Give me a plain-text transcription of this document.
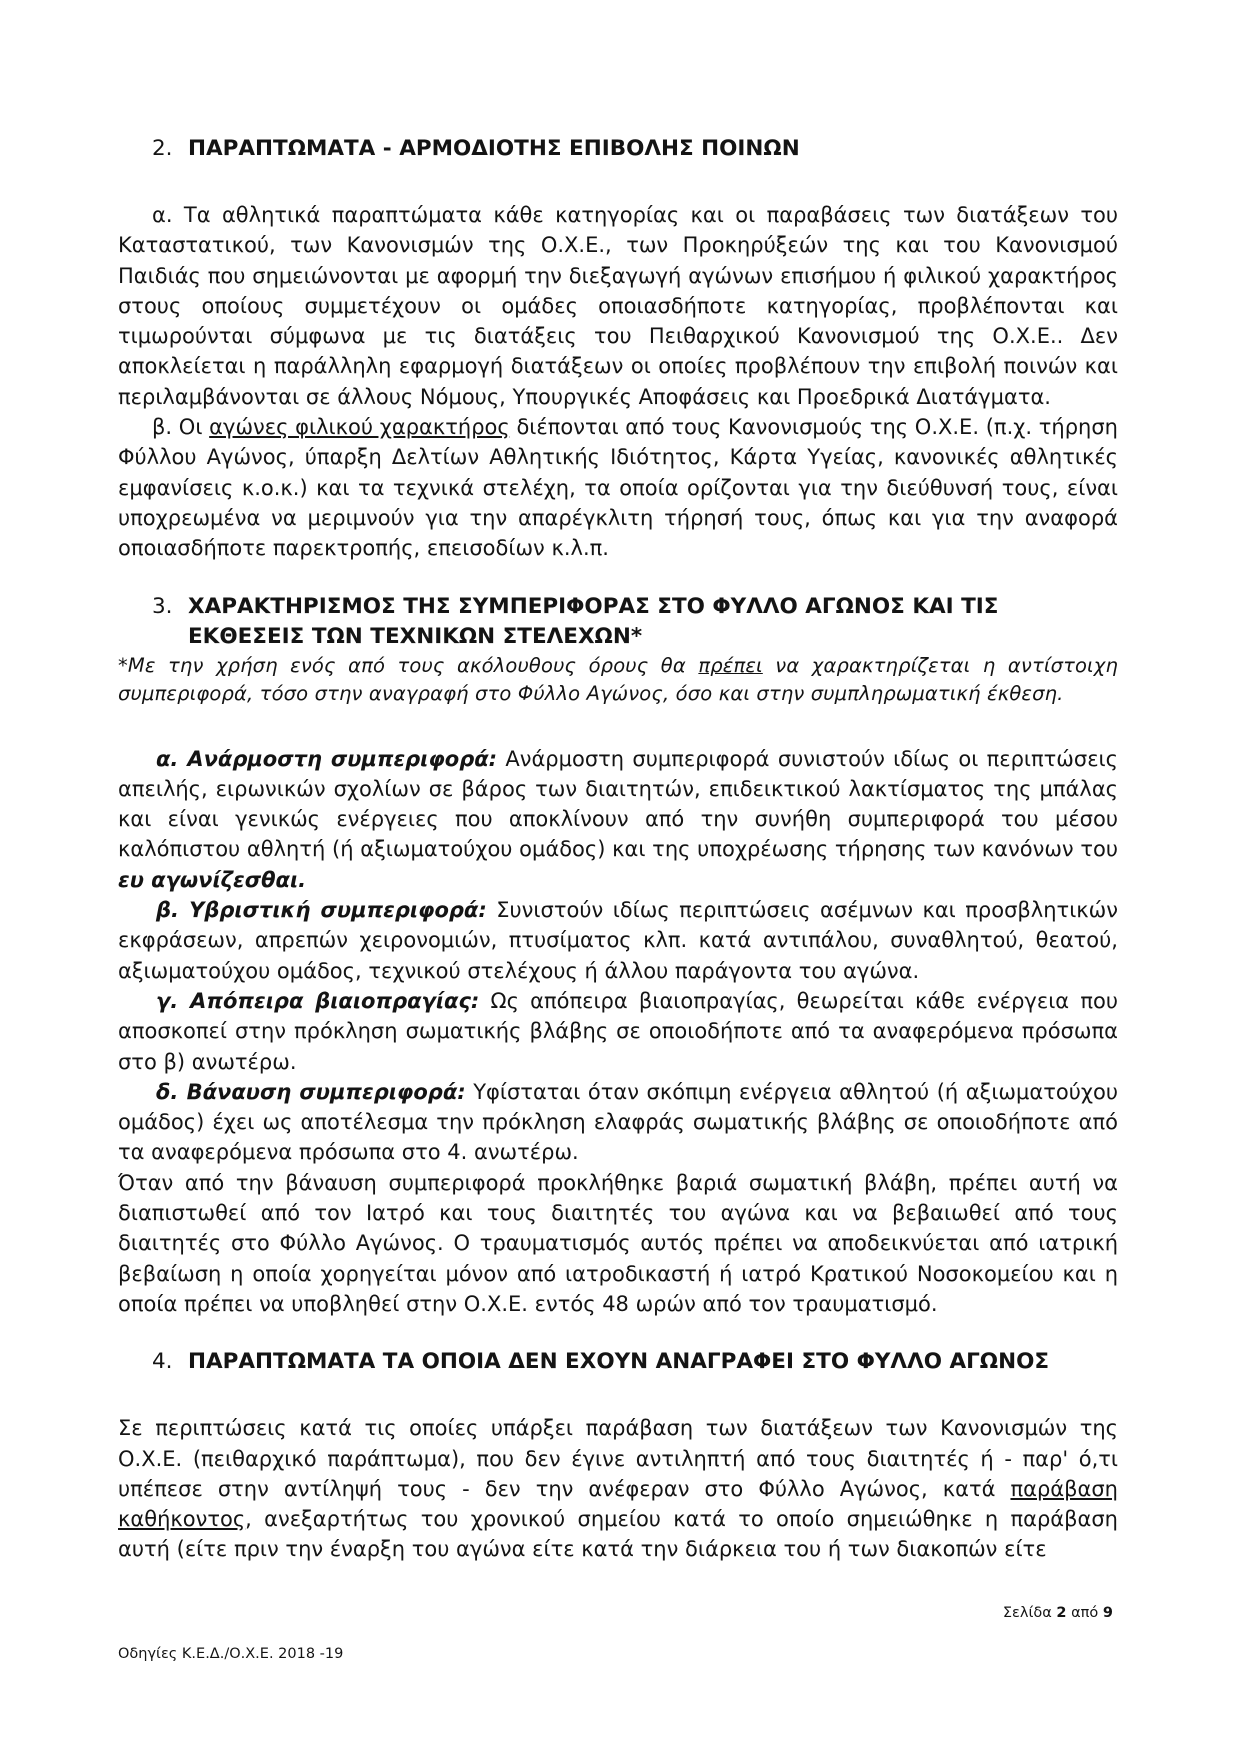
2. ΠΑΡΑΠΤΩΜΑΤΑ - ΑΡΜΟΔΙΟΤΗΣ ΕΠΙΒΟΛΗΣ ΠΟΙΝΩΝ

α. Τα αθλητικά παραπτώματα κάθε κατηγορίας και οι παραβάσεις των διατάξεων του Καταστατικού, των Κανονισμών της Ο.Χ.Ε., των Προκηρύξεών της και του Κανονισμού Παιδιάς που σημειώνονται με αφορμή την διεξαγωγή αγώνων επισήμου ή φιλικού χαρακτήρος στους οποίους συμμετέχουν οι ομάδες οποιασδήποτε κατηγορίας, προβλέπονται και τιμωρούνται σύμφωνα με τις διατάξεις του Πειθαρχικού Κανονισμού της Ο.Χ.Ε.. Δεν αποκλείεται η παράλληλη εφαρμογή διατάξεων οι οποίες προβλέπουν την επιβολή ποινών και περιλαμβάνονται σε άλλους Νόμους, Υπουργικές Αποφάσεις και Προεδρικά Διατάγματα.

β. Οι αγώνες φιλικού χαρακτήρος διέπονται από τους Κανονισμούς της Ο.Χ.Ε. (π.χ. τήρηση Φύλλου Αγώνος, ύπαρξη Δελτίων Αθλητικής Ιδιότητος, Κάρτα Υγείας, κανονικές αθλητικές εμφανίσεις κ.ο.κ.) και τα τεχνικά στελέχη, τα οποία ορίζονται για την διεύθυνσή τους, είναι υποχρεωμένα να μεριμνούν για την απαρέγκλιτη τήρησή τους, όπως και για την αναφορά οποιασδήποτε παρεκτροπής, επεισοδίων κ.λ.π.

3. ΧΑΡΑΚΤΗΡΙΣΜΟΣ ΤΗΣ ΣΥΜΠΕΡΙΦΟΡΑΣ ΣΤΟ ΦΥΛΛΟ ΑΓΩΝΟΣ ΚΑΙ ΤΙΣ ΕΚΘΕΣΕΙΣ ΤΩΝ ΤΕΧΝΙΚΩΝ ΣΤΕΛΕΧΩΝ*

*Με την χρήση ενός από τους ακόλουθους όρους θα πρέπει να χαρακτηρίζεται η αντίστοιχη συμπεριφορά, τόσο στην αναγραφή στο Φύλλο Αγώνος, όσο και στην συμπληρωματική έκθεση.

α. Ανάρμοστη συμπεριφορά: Ανάρμοστη συμπεριφορά συνιστούν ιδίως οι περιπτώσεις απειλής, ειρωνικών σχολίων σε βάρος των διαιτητών, επιδεικτικού λακτίσματος της μπάλας και είναι γενικώς ενέργειες που αποκλίνουν από την συνήθη συμπεριφορά του μέσου καλόπιστου αθλητή (ή αξιωματούχου ομάδος) και της υποχρέωσης τήρησης των κανόνων του ευ αγωνίζεσθαι.

β. Υβριστική συμπεριφορά: Συνιστούν ιδίως περιπτώσεις ασέμνων και προσβλητικών εκφράσεων, απρεπών χειρονομιών, πτυσίματος κλπ. κατά αντιπάλου, συναθλητού, θεατού, αξιωματούχου ομάδος, τεχνικού στελέχους ή άλλου παράγοντα του αγώνα.

γ. Απόπειρα βιαιοπραγίας: Ως απόπειρα βιαιοπραγίας, θεωρείται κάθε ενέργεια που αποσκοπεί στην πρόκληση σωματικής βλάβης σε οποιοδήποτε από τα αναφερόμενα πρόσωπα στο β) ανωτέρω.

δ. Βάναυση συμπεριφορά: Υφίσταται όταν σκόπιμη ενέργεια αθλητού (ή αξιωματούχου ομάδος) έχει ως αποτέλεσμα την πρόκληση ελαφράς σωματικής βλάβης σε οποιοδήποτε από τα αναφερόμενα πρόσωπα στο 4. ανωτέρω.

Όταν από την βάναυση συμπεριφορά προκλήθηκε βαριά σωματική βλάβη, πρέπει αυτή να διαπιστωθεί από τον Ιατρό και τους διαιτητές του αγώνα και να βεβαιωθεί από τους διαιτητές στο Φύλλο Αγώνος. Ο τραυματισμός αυτός πρέπει να αποδεικνύεται από ιατρική βεβαίωση η οποία χορηγείται μόνον από ιατροδικαστή ή ιατρό Κρατικού Νοσοκομείου και η οποία πρέπει να υποβληθεί στην Ο.Χ.Ε. εντός 48 ωρών από τον τραυματισμό.

4. ΠΑΡΑΠΤΩΜΑΤΑ ΤΑ ΟΠΟΙΑ ΔΕΝ ΕΧΟΥΝ ΑΝΑΓΡΑΦΕΙ ΣΤΟ ΦΥΛΛΟ ΑΓΩΝΟΣ

Σε περιπτώσεις κατά τις οποίες υπάρξει παράβαση των διατάξεων των Κανονισμών της Ο.Χ.Ε. (πειθαρχικό παράπτωμα), που δεν έγινε αντιληπτή από τους διαιτητές ή - παρ' ό,τι υπέπεσε στην αντίληψή τους - δεν την ανέφεραν στο Φύλλο Αγώνος, κατά παράβαση καθήκοντος, ανεξαρτήτως του χρονικού σημείου κατά το οποίο σημειώθηκε η παράβαση αυτή (είτε πριν την έναρξη του αγώνα είτε κατά την διάρκεια του ή των διακοπών είτε

Σελίδα 2 από 9
Οδηγίες Κ.Ε.Δ./Ο.Χ.Ε. 2018 -19
